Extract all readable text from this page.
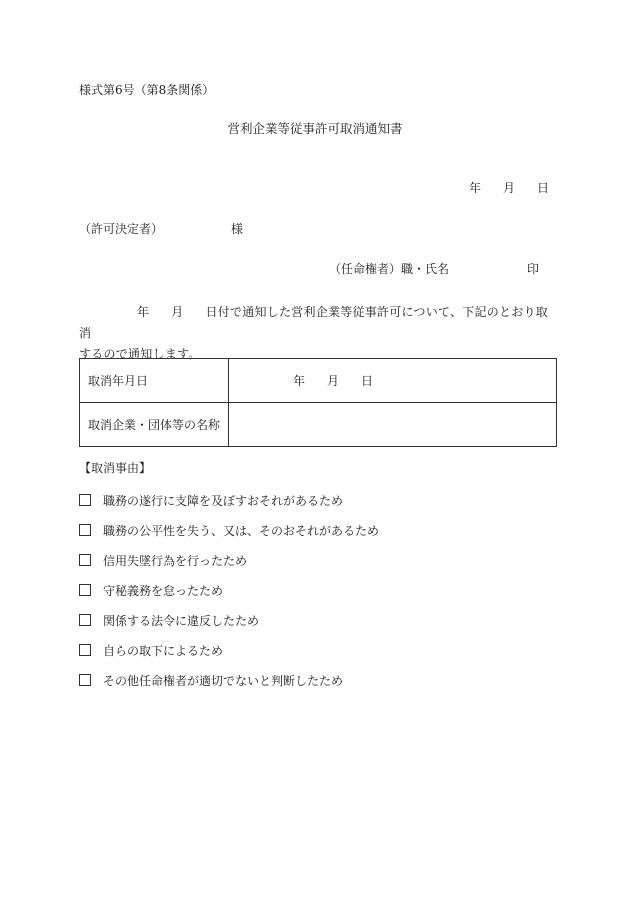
様式第6号（第8条関係）
営利企業等従事許可取消通知書
年 月 日
（許可決定者）	様
（任命権者）職・氏名	印
年 月 日付で通知した営利企業等従事許可について、下記のとおり取消
するので通知します。
取消年月日	年 月 日
取消企業・団体等の名称	
【取消事由】
職務の遂行に支障を及ぼすおそれがあるため
職務の公平性を失う、又は、そのおそれがあるため
信用失墜行為を行ったため
守秘義務を怠ったため
関係する法令に違反したため
自らの取下によるため
その他任命権者が適切でないと判断したため
